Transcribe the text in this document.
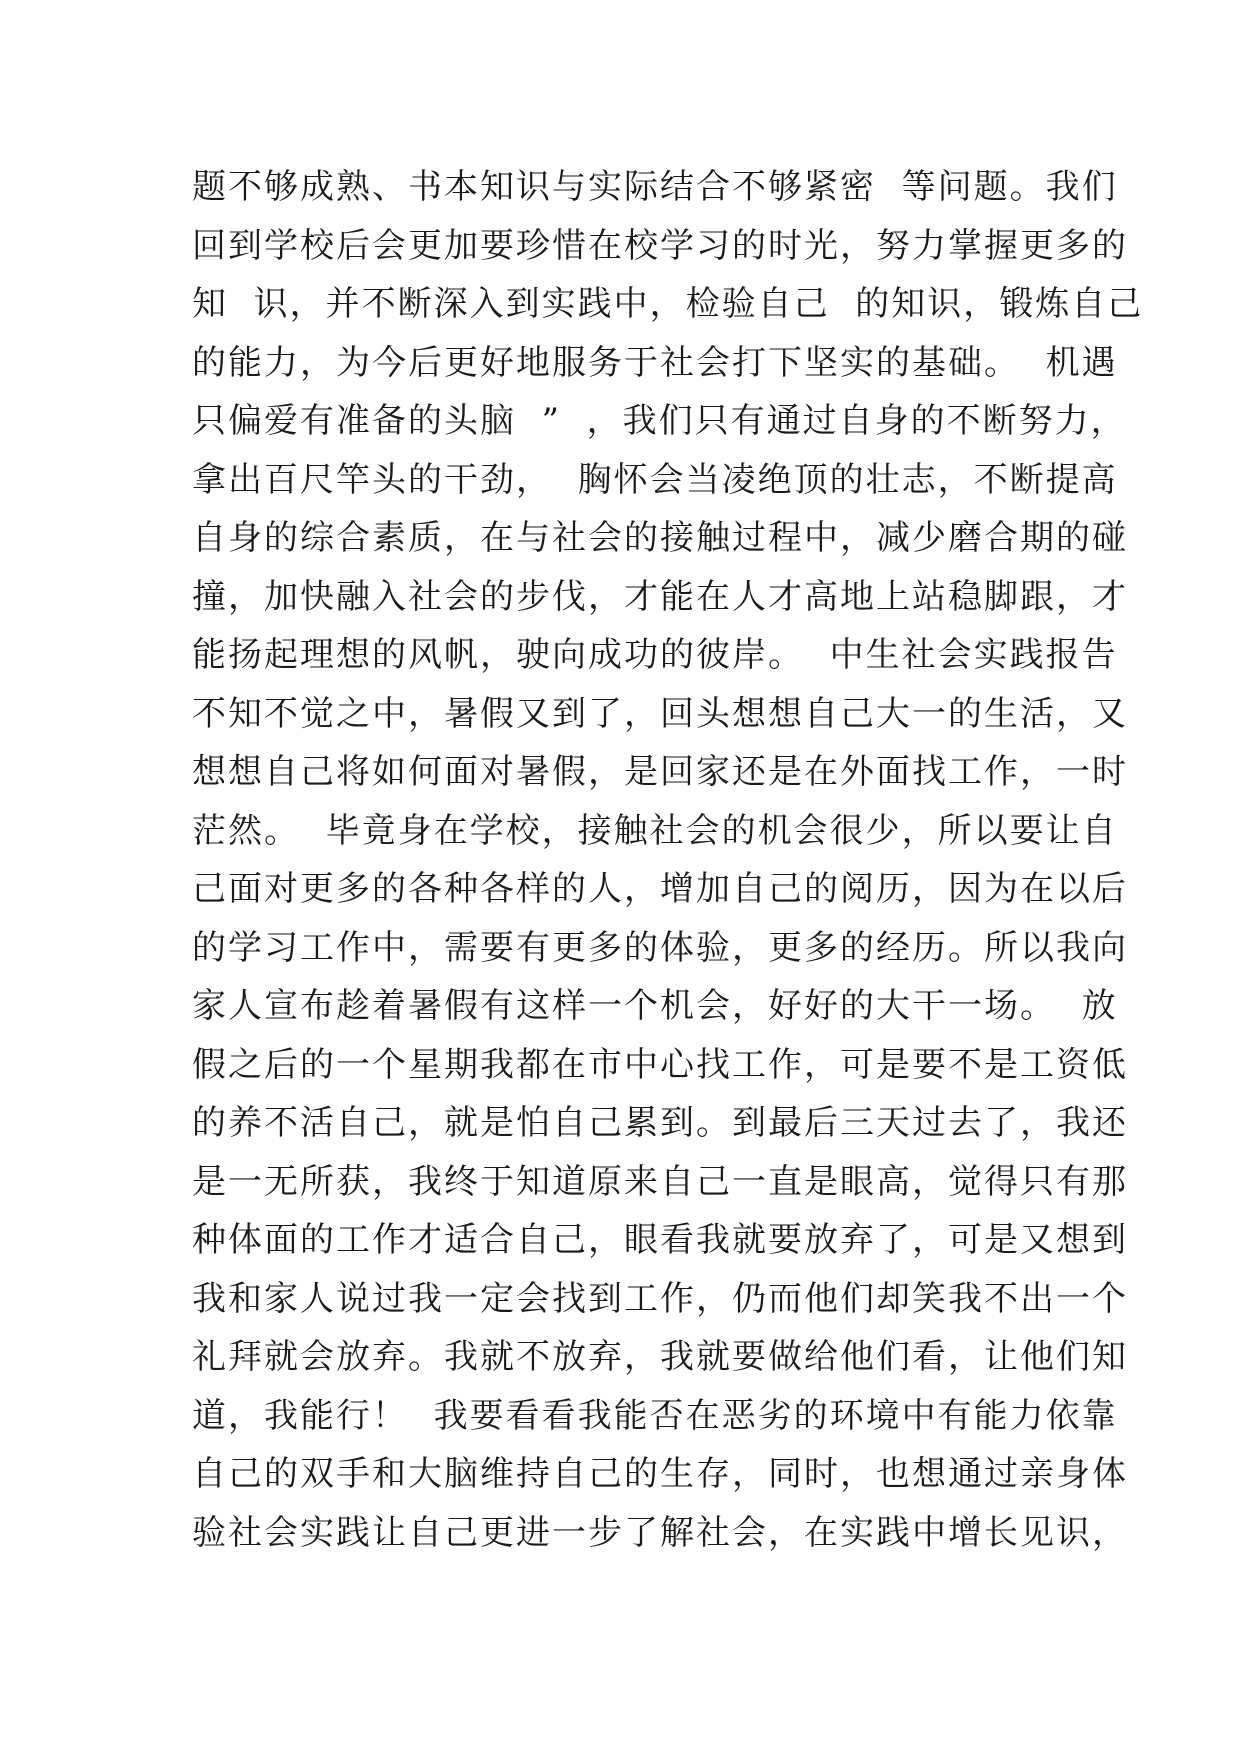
题不够成熟、书本知识与实际结合不够紧密  等问题。我们
回到学校后会更加要珍惜在校学习的时光，努力掌握更多的
知  识，并不断深入到实践中，检验自己  的知识，锻炼自己
的能力，为今后更好地服务于社会打下坚实的基础。  机遇
只偏爱有准备的头脑  ”  ，我们只有通过自身的不断努力，
拿出百尺竿头的干劲，  胸怀会当凌绝顶的壮志，不断提高
自身的综合素质，在与社会的接触过程中，减少磨合期的碰
撞，加快融入社会的步伐，才能在人才高地上站稳脚跟，才
能扬起理想的风帆，驶向成功的彼岸。  中生社会实践报告
不知不觉之中，暑假又到了，回头想想自己大一的生活，又
想想自己将如何面对暑假，是回家还是在外面找工作，一时
茫然。  毕竟身在学校，接触社会的机会很少，所以要让自
己面对更多的各种各样的人，增加自己的阅历，因为在以后
的学习工作中，需要有更多的体验，更多的经历。所以我向
家人宣布趁着暑假有这样一个机会，好好的大干一场。  放
假之后的一个星期我都在市中心找工作，可是要不是工资低
的养不活自己，就是怕自己累到。到最后三天过去了，我还
是一无所获，我终于知道原来自己一直是眼高，觉得只有那
种体面的工作才适合自己，眼看我就要放弃了，可是又想到
我和家人说过我一定会找到工作，仍而他们却笑我不出一个
礼拜就会放弃。我就不放弃，我就要做给他们看，让他们知
道，我能行！  我要看看我能否在恶劣的环境中有能力依靠
自己的双手和大脑维持自己的生存，同时，也想通过亲身体
验社会实践让自己更进一步了解社会，在实践中增长见识，
